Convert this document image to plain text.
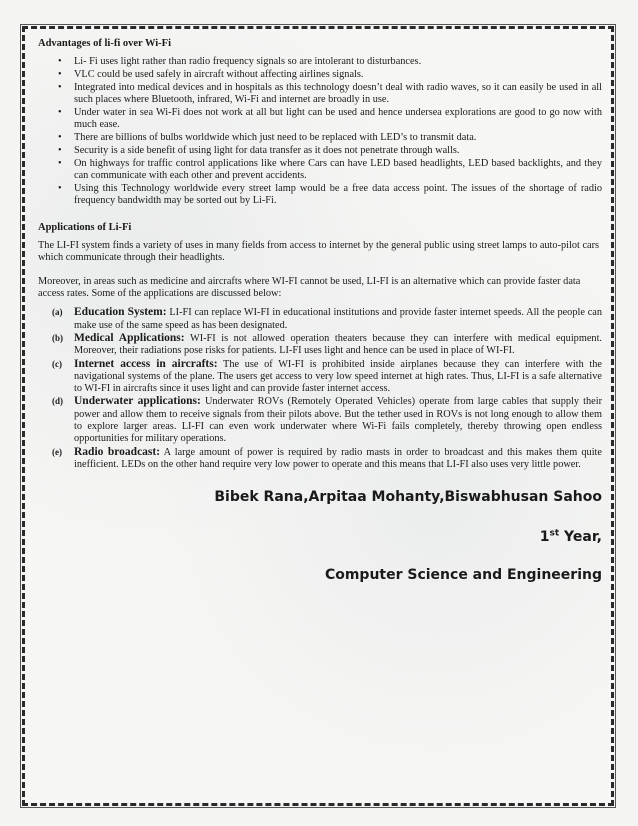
Advantages of li-fi over Wi-Fi
• Li- Fi uses light rather than radio frequency signals so are intolerant to disturbances.
• VLC could be used safely in aircraft without affecting airlines signals.
• Integrated into medical devices and in hospitals as this technology doesn’t deal with radio waves, so it can easily be used in all such places where Bluetooth, infrared, Wi-Fi and internet are broadly in use.
• Under water in sea Wi-Fi does not work at all but light can be used and hence undersea explorations are good to go now with much ease.
• There are billions of bulbs worldwide which just need to be replaced with LED’s to transmit data.
• Security is a side benefit of using light for data transfer as it does not penetrate through walls.
• On highways for traffic control applications like where Cars can have LED based headlights, LED based backlights, and they can communicate with each other and prevent accidents.
• Using this Technology worldwide every street lamp would be a free data access point. The issues of the shortage of radio frequency bandwidth may be sorted out by Li-Fi.
Applications of Li-Fi

The LI-FI system finds a variety of uses in many fields from access to internet by the general public using street lamps to auto-pilot cars which communicate through their headlights.

Moreover, in areas such as medicine and aircrafts where WI-FI cannot be used, LI-FI is an alternative which can provide faster data access rates. Some of the applications are discussed below:

(a) Education System: LI-FI can replace WI-FI in educational institutions and provide faster internet speeds. All the people can make use of the same speed as has been designated.
(b) Medical Applications: WI-FI is not allowed operation theaters because they can interfere with medical equipment. Moreover, their radiations pose risks for patients. LI-FI uses light and hence can be used in place of WI-FI.
(c) Internet access in aircrafts: The use of WI-FI is prohibited inside airplanes because they can interfere with the navigational systems of the plane. The users get access to very low speed internet at high rates. Thus, LI-FI is a safe alternative to WI-FI in aircrafts since it uses light and can provide faster internet access.
(d) Underwater applications: Underwater ROVs (Remotely Operated Vehicles) operate from large cables that supply their power and allow them to receive signals from their pilots above. But the tether used in ROVs is not long enough to allow them to explore larger areas. LI-FI can even work underwater where Wi-Fi fails completely, thereby throwing open endless opportunities for military operations.
(e) Radio broadcast: A large amount of power is required by radio masts in order to broadcast and this makes them quite inefficient. LEDs on the other hand require very low power to operate and this means that LI-FI also uses very little power.
Bibek Rana,Arpitaa Mohanty,Biswabhusan Sahoo
1st Year,
Computer Science and Engineering
